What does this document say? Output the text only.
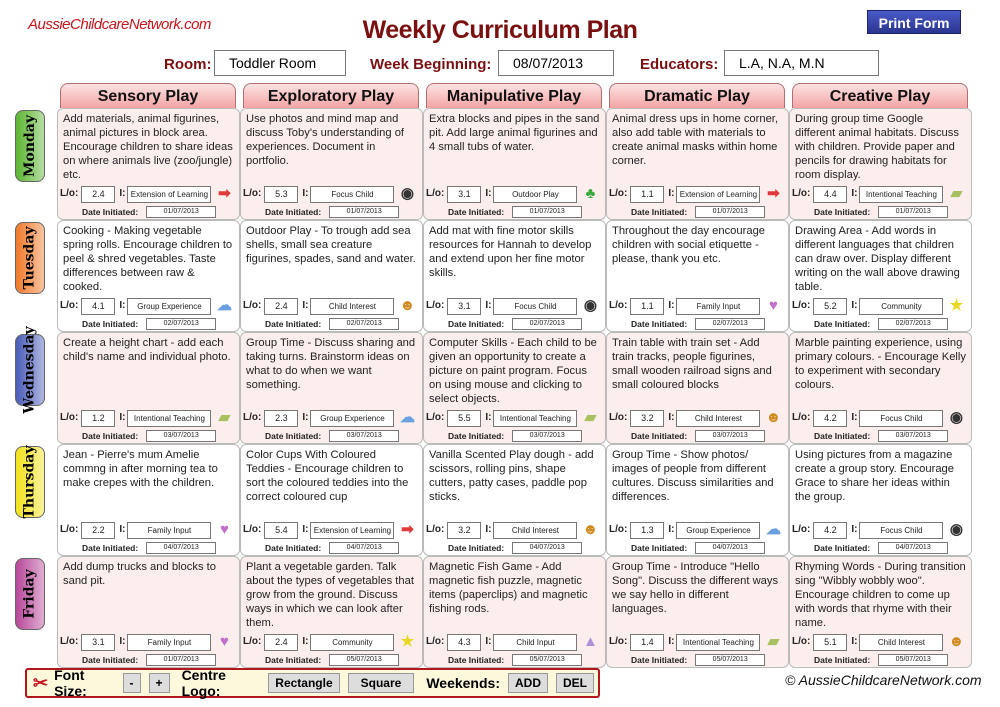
AussieChildcareNetwork.com	Weekly Curriculum Plan	Print Form
Room:	Toddler Room	Week Beginning:	08/07/2013	Educators:	L.A, N.A, M.N
Sensory Play	Exploratory Play	Manipulative Play	Dramatic Play	Creative Play
Monday Add materials, animal figurines, animal pictures in block area. Encourage children to share ideas on where animals live (zoo/jungle) etc.
L/o:	2.4	I: Extension of Learning ➡
Date Initiated:	01/07/2013
Use photos and mind map and discuss Toby's understanding of experiences. Document in portfolio.
L/o:	5.3	I:	Focus Child	◉
Date Initiated:	01/07/2013
Extra blocks and pipes in the sand pit. Add large animal figurines and 4 small tubs of water.
L/o:	3.1	I:	Outdoor Play	♣
Date Initiated:	01/07/2013
Animal dress ups in home corner, also add table with materials to create animal masks within home corner.
L/o:	1.1	I: Extension of Learning ➡
Date Initiated:	01/07/2013
During group time Google different animal habitats. Discuss with children. Provide paper and pencils for drawing habitats for room display.
L/o:	4.4	I:	Intentional Teaching ▰
Date Initiated:	01/07/2013
Tuesday Cooking - Making vegetable spring rolls. Encourage children to peel & shred vegetables. Taste differences between raw & cooked.
L/o:	4.1	I:	Group Experience	☁
Date Initiated:	02/07/2013
Outdoor Play - To trough add sea shells, small sea creature figurines, spades, sand and water.
L/o:	2.4	I:	Child Interest	☻
Date Initiated:	02/07/2013
Add mat with fine motor skills resources for Hannah to develop and extend upon her fine motor skills.
L/o:	3.1	I:	Focus Child	◉
Date Initiated:	02/07/2013
Throughout the day encourage children with social etiquette - please, thank you etc.
L/o:	1.1	I:	Family Input	♥
Date Initiated:	02/07/2013
Drawing Area - Add words in different languages that children can draw over. Display different writing on the wall above drawing table.
L/o:	5.2	I:	Community	★
Date Initiated:	02/07/2013
Wednesday Create a height chart - add each child's name and individual photo.
L/o:	1.2	I:	Intentional Teaching ▰
Date Initiated:	03/07/2013
Group Time - Discuss sharing and taking turns. Brainstorm ideas on what to do when we want something.
L/o:	2.3	I:	Group Experience	☁
Date Initiated:	03/07/2013
Computer Skills - Each child to be given an opportunity to create a picture on paint program. Focus on using mouse and clicking to select objects.
L/o:	5.5	I:	Intentional Teaching ▰
Date Initiated:	03/07/2013
Train table with train set - Add train tracks, people figurines, small wooden railroad signs and small coloured blocks
L/o:	3.2	I:	Child Interest	☻
Date Initiated:	03/07/2013
Marble painting experience, using primary colours. - Encourage Kelly to experiment with secondary colours.
L/o:	4.2	I:	Focus Child	◉
Date Initiated:	03/07/2013
Thursday Jean - Pierre's mum Amelie commng in after morning tea to make crepes with the children.
L/o:	2.2	I:	Family Input	♥
Date Initiated:	04/07/2013
Color Cups With Coloured Teddies - Encourage children to sort the coloured teddies into the correct coloured cup
L/o:	5.4	I: Extension of Learning ➡
Date Initiated:	04/07/2013
Vanilla Scented Play dough - add scissors, rolling pins, shape cutters, patty cases, paddle pop sticks.
L/o:	3.2	I:	Child Interest	☻
Date Initiated:	04/07/2013
Group Time - Show photos/ images of people from different cultures. Discuss similarities and differences.
L/o:	1.3	I:	Group Experience	☁
Date Initiated:	04/07/2013
Using pictures from a magazine create a group story. Encourage Grace to share her ideas within the group.
L/o:	4.2	I:	Focus Child	◉
Date Initiated:	04/07/2013
Friday
Add dump trucks and blocks to sand pit.
L/o:	3.1	I:	Family Input	♥
Date Initiated:	01/07/2013
Plant a vegetable garden. Talk about the types of vegetables that grow from the ground. Discuss ways in which we can look after them.
L/o:	2.4	I:	Community	★
Date Initiated:	05/07/2013
Magnetic Fish Game - Add magnetic fish puzzle, magnetic items (paperclips) and magnetic fishing rods.
L/o:	4.3	I:	Child Input	▲
Date Initiated:	05/07/2013
Group Time - Introduce "Hello Song". Discuss the different ways we say hello in different languages.
L/o:	1.4	I:	Intentional Teaching ▰
Date Initiated:	05/07/2013
Rhyming Words - During transition sing "Wibbly wobbly woo". Encourage children to come up with words that rhyme with their name.
L/o:	5.1	I:	Child Interest	☻
Date Initiated:	05/07/2013
✂ Font Size:	-	+	Centre Logo:	Rectangle	Square	Weekends:	ADD	DEL	© AussieChildcareNetwork.com
